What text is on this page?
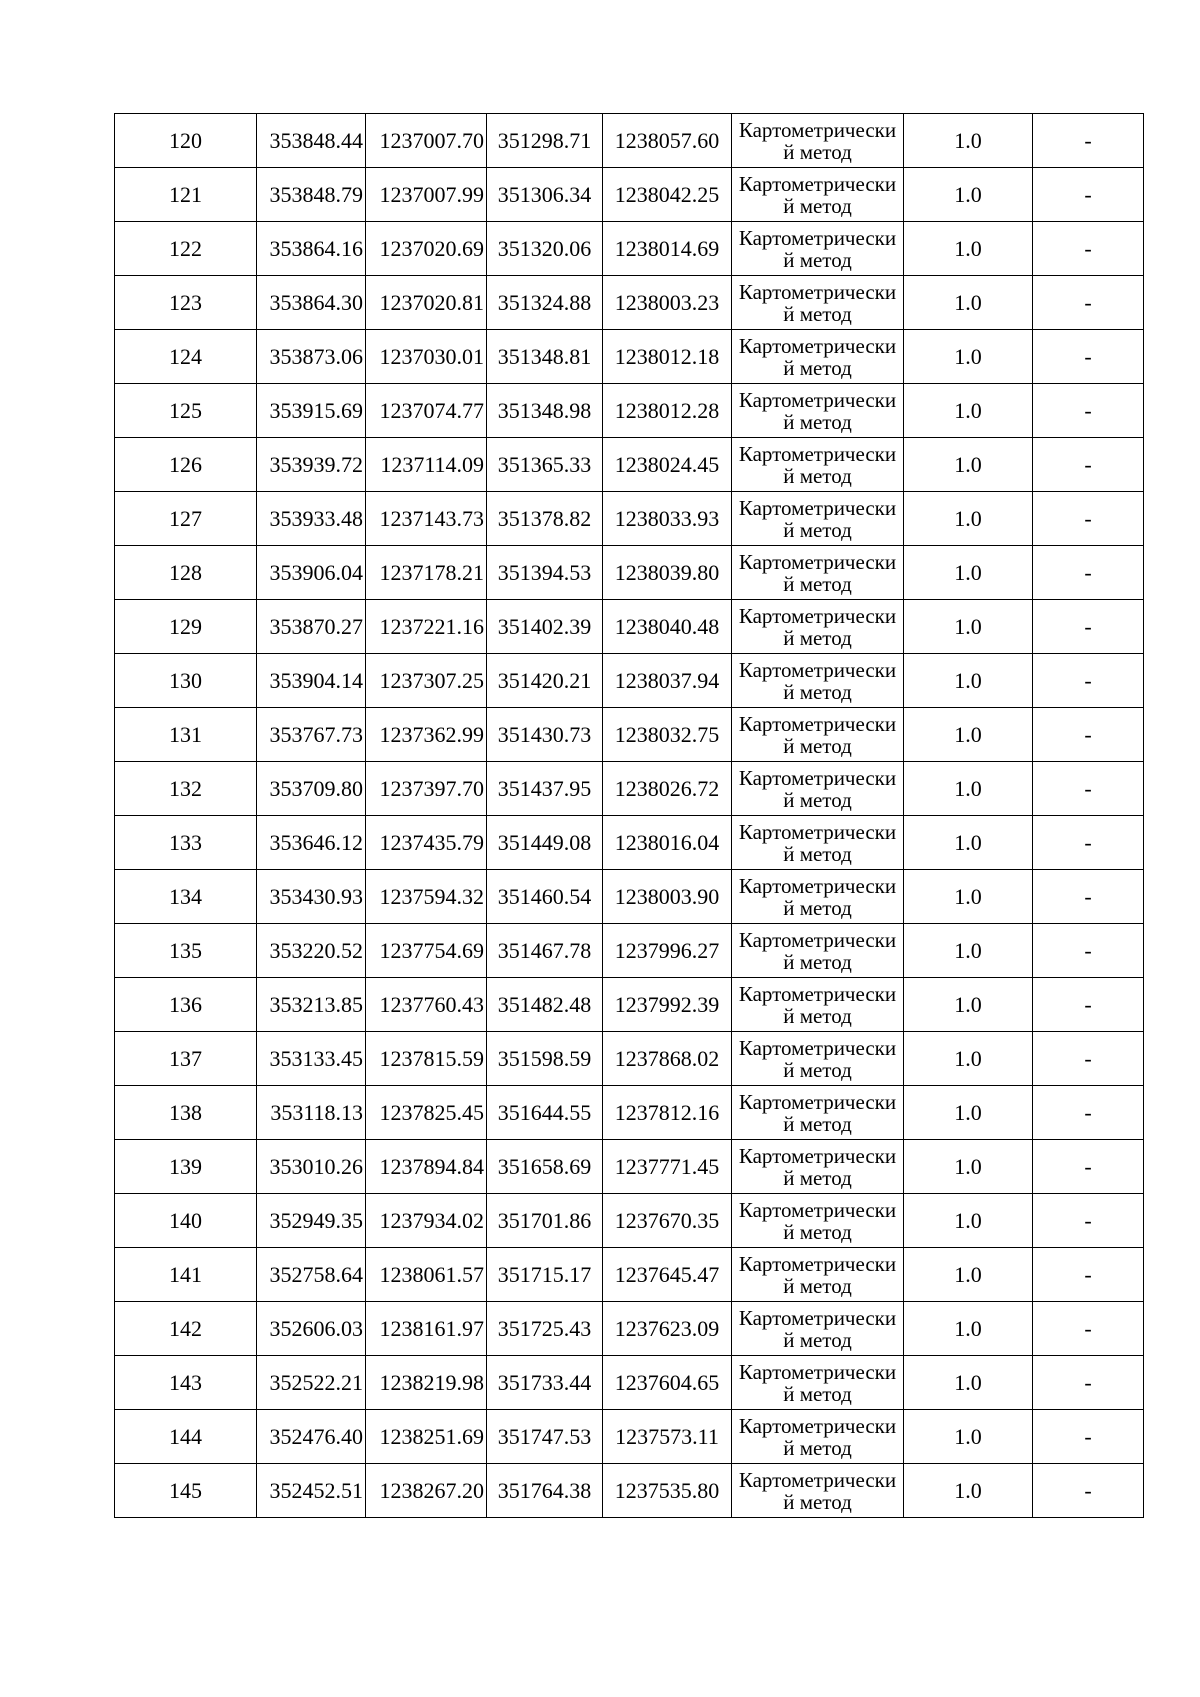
120	353848.44	1237007.70	351298.71	1238057.60	Картометрический метод	1.0	-
121	353848.79	1237007.99	351306.34	1238042.25	Картометрический метод	1.0	-
122	353864.16	1237020.69	351320.06	1238014.69	Картометрический метод	1.0	-
123	353864.30	1237020.81	351324.88	1238003.23	Картометрический метод	1.0	-
124	353873.06	1237030.01	351348.81	1238012.18	Картометрический метод	1.0	-
125	353915.69	1237074.77	351348.98	1238012.28	Картометрический метод	1.0	-
126	353939.72	1237114.09	351365.33	1238024.45	Картометрический метод	1.0	-
127	353933.48	1237143.73	351378.82	1238033.93	Картометрический метод	1.0	-
128	353906.04	1237178.21	351394.53	1238039.80	Картометрический метод	1.0	-
129	353870.27	1237221.16	351402.39	1238040.48	Картометрический метод	1.0	-
130	353904.14	1237307.25	351420.21	1238037.94	Картометрический метод	1.0	-
131	353767.73	1237362.99	351430.73	1238032.75	Картометрический метод	1.0	-
132	353709.80	1237397.70	351437.95	1238026.72	Картометрический метод	1.0	-
133	353646.12	1237435.79	351449.08	1238016.04	Картометрический метод	1.0	-
134	353430.93	1237594.32	351460.54	1238003.90	Картометрический метод	1.0	-
135	353220.52	1237754.69	351467.78	1237996.27	Картометрический метод	1.0	-
136	353213.85	1237760.43	351482.48	1237992.39	Картометрический метод	1.0	-
137	353133.45	1237815.59	351598.59	1237868.02	Картометрический метод	1.0	-
138	353118.13	1237825.45	351644.55	1237812.16	Картометрический метод	1.0	-
139	353010.26	1237894.84	351658.69	1237771.45	Картометрический метод	1.0	-
140	352949.35	1237934.02	351701.86	1237670.35	Картометрический метод	1.0	-
141	352758.64	1238061.57	351715.17	1237645.47	Картометрический метод	1.0	-
142	352606.03	1238161.97	351725.43	1237623.09	Картометрический метод	1.0	-
143	352522.21	1238219.98	351733.44	1237604.65	Картометрический метод	1.0	-
144	352476.40	1238251.69	351747.53	1237573.11	Картометрический метод	1.0	-
145	352452.51	1238267.20	351764.38	1237535.80	Картометрический метод	1.0	-
